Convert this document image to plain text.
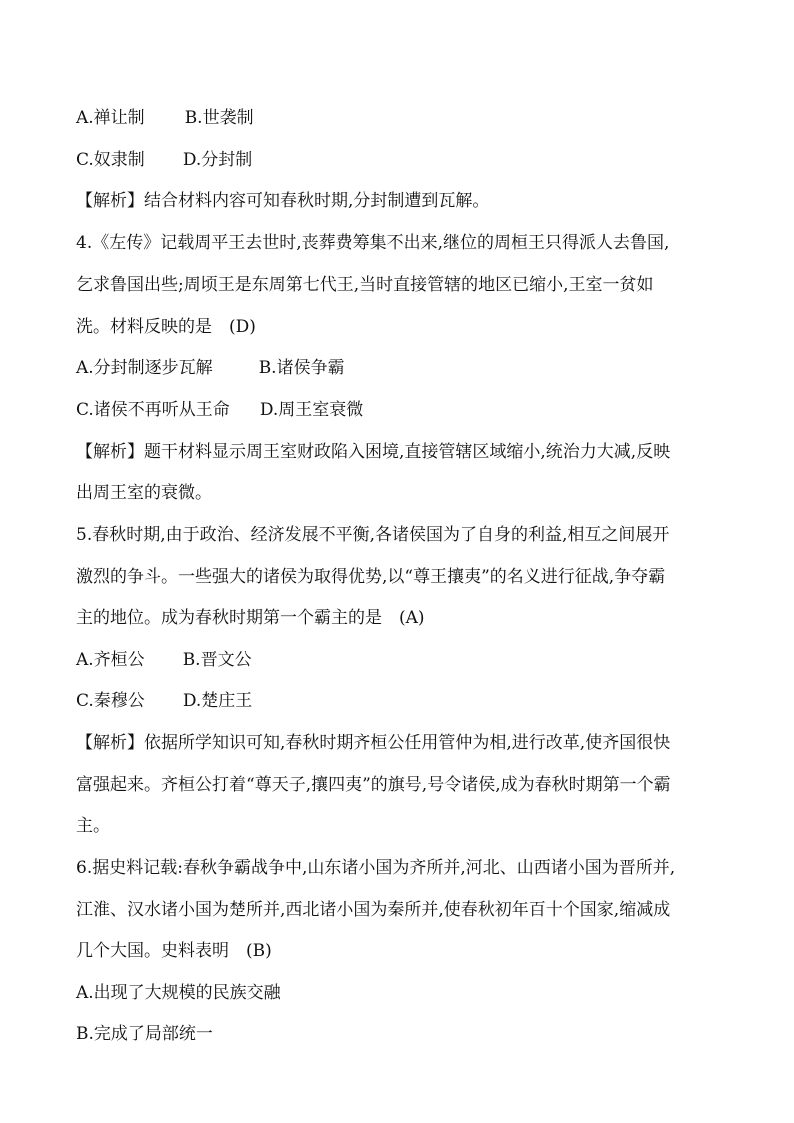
A.禅让制 B.世袭制
C.奴隶制 D.分封制
【解析】结合材料内容可知春秋时期,分封制遭到瓦解。
4.《左传》记载周平王去世时,丧葬费筹集不出来,继位的周桓王只得派人去鲁国,
乞求鲁国出些;周顷王是东周第七代王,当时直接管辖的地区已缩小,王室一贫如
洗。材料反映的是　(D)
A.分封制逐步瓦解	B.诸侯争霸
C.诸侯不再听从王命 D.周王室衰微
【解析】题干材料显示周王室财政陷入困境,直接管辖区域缩小,统治力大减,反映
出周王室的衰微。
5.春秋时期,由于政治、经济发展不平衡,各诸侯国为了自身的利益,相互之间展开
激烈的争斗。一些强大的诸侯为取得优势,以“尊王攘夷”的名义进行征战,争夺霸
主的地位。成为春秋时期第一个霸主的是　(A)
A.齐桓公 B.晋文公
C.秦穆公 D.楚庄王
【解析】依据所学知识可知,春秋时期齐桓公任用管仲为相,进行改革,使齐国很快
富强起来。齐桓公打着“尊天子,攘四夷”的旗号,号令诸侯,成为春秋时期第一个霸
主。
6.据史料记载:春秋争霸战争中,山东诸小国为齐所并,河北、山西诸小国为晋所并,
江淮、汉水诸小国为楚所并,西北诸小国为秦所并,使春秋初年百十个国家,缩减成
几个大国。史料表明　(B)
A.出现了大规模的民族交融
B.完成了局部统一
